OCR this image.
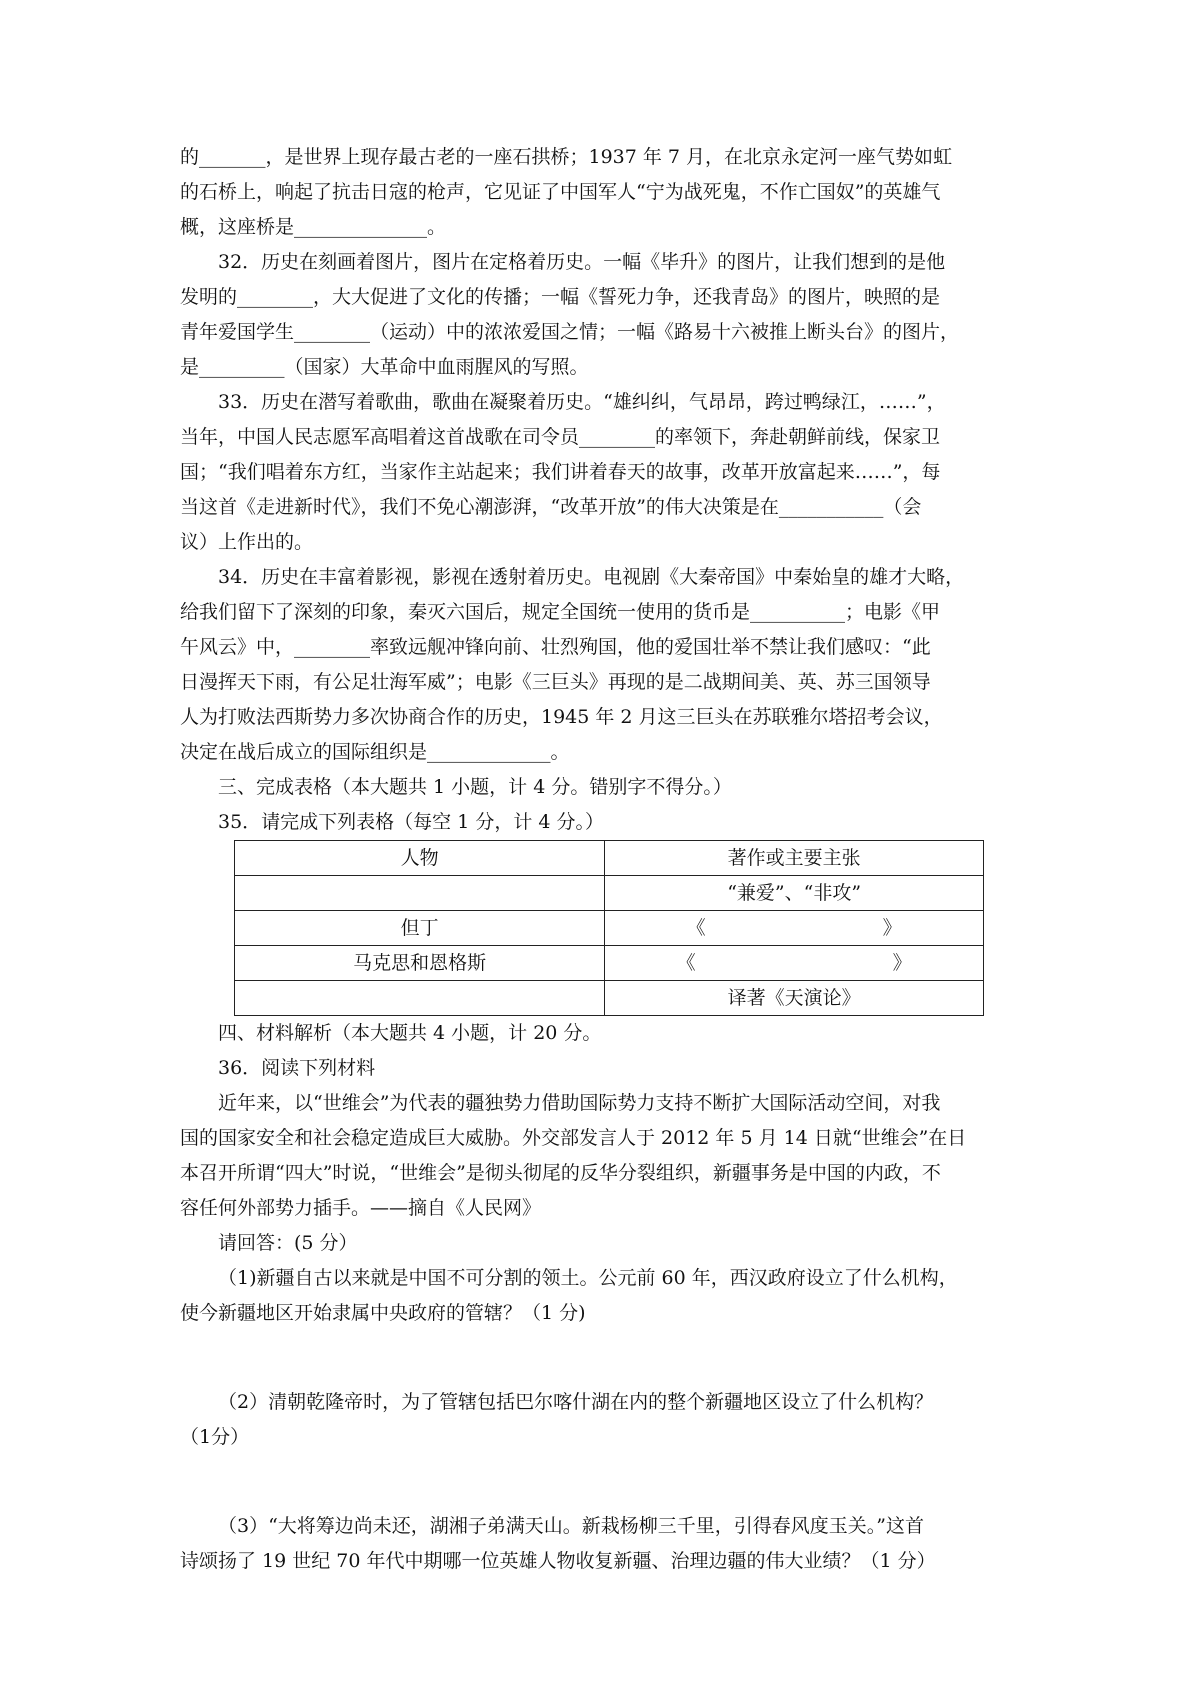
的_______，是世界上现存最古老的一座石拱桥；1937 年 7 月，在北京永定河一座气势如虹

的石桥上，响起了抗击日寇的枪声，它见证了中国军人“宁为战死鬼，不作亡国奴”的英雄气

概，这座桥是______________。

32．历史在刻画着图片，图片在定格着历史。一幅《毕升》的图片，让我们想到的是他

发明的________，大大促进了文化的传播；一幅《誓死力争，还我青岛》的图片，映照的是

青年爱国学生________（运动）中的浓浓爱国之情；一幅《路易十六被推上断头台》的图片，

是_________（国家）大革命中血雨腥风的写照。

33．历史在潜写着歌曲，歌曲在凝聚着历史。“雄纠纠，气昂昂，跨过鸭绿江，……”，

当年，中国人民志愿军高唱着这首战歌在司令员________的率领下，奔赴朝鲜前线，保家卫

国；“我们唱着东方红，当家作主站起来；我们讲着春天的故事，改革开放富起来……”，每

当这首《走进新时代》，我们不免心潮澎湃，“改革开放”的伟大决策是在___________（会

议）上作出的。

34．历史在丰富着影视，影视在透射着历史。电视剧《大秦帝国》中秦始皇的雄才大略，

给我们留下了深刻的印象，秦灭六国后，规定全国统一使用的货币是__________；电影《甲

午风云》中，________率致远舰冲锋向前、壮烈殉国，他的爱国壮举不禁让我们感叹：“此

日漫挥天下雨，有公足壮海军威”；电影《三巨头》再现的是二战期间美、英、苏三国领导

人为打败法西斯势力多次协商合作的历史，1945 年 2 月这三巨头在苏联雅尔塔招考会议，

决定在战后成立的国际组织是_____________。

三、完成表格（本大题共 1 小题，计 4 分。错别字不得分。）

35．请完成下列表格（每空 1 分，计 4 分。）

人物	著作或主要主张
	“兼爱”、“非攻”
但丁	《 》

马克思和恩格斯	《 》

	译著《天演论》

四、材料解析（本大题共 4 小题，计 20 分。

36．阅读下列材料

近年来，以“世维会”为代表的疆独势力借助国际势力支持不断扩大国际活动空间，对我

国的国家安全和社会稳定造成巨大威胁。外交部发言人于 2012 年 5 月 14 日就“世维会”在日

本召开所谓“四大”时说，“世维会”是彻头彻尾的反华分裂组织，新疆事务是中国的内政，不

容任何外部势力插手。——摘自《人民网》

请回答：(5 分）

（1)新疆自古以来就是中国不可分割的领土。公元前 60 年，西汉政府设立了什么机构，

使今新疆地区开始隶属中央政府的管辖？（1 分)

（2）清朝乾隆帝时，为了管辖包括巴尔喀什湖在内的整个新疆地区设立了什么机构？

（1分）

（3）“大将筹边尚未还，湖湘子弟满天山。新栽杨柳三千里，引得春风度玉关。”这首

诗颂扬了 19 世纪 70 年代中期哪一位英雄人物收复新疆、治理边疆的伟大业绩？（1 分）
